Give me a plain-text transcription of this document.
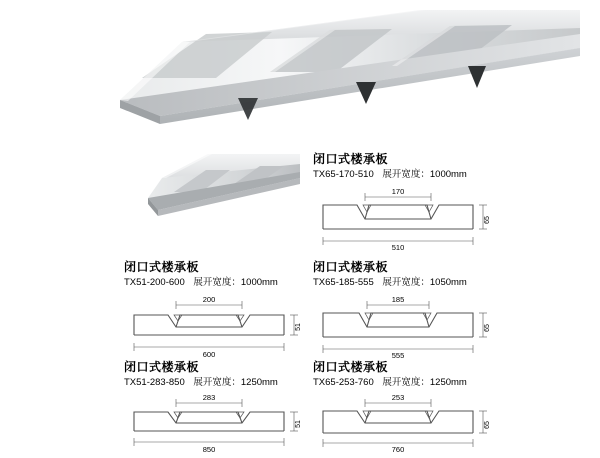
闭口式楼承板
TX65-170-510 展开宽度：1000mm
170
65
510
闭口式楼承板
TX51-200-600 展开宽度：1000mm
200
51
600
闭口式楼承板
TX65-185-555 展开宽度：1050mm
185
65
555
闭口式楼承板
TX51-283-850 展开宽度：1250mm
283
51
850
闭口式楼承板
TX65-253-760 展开宽度：1250mm
253
65
760
